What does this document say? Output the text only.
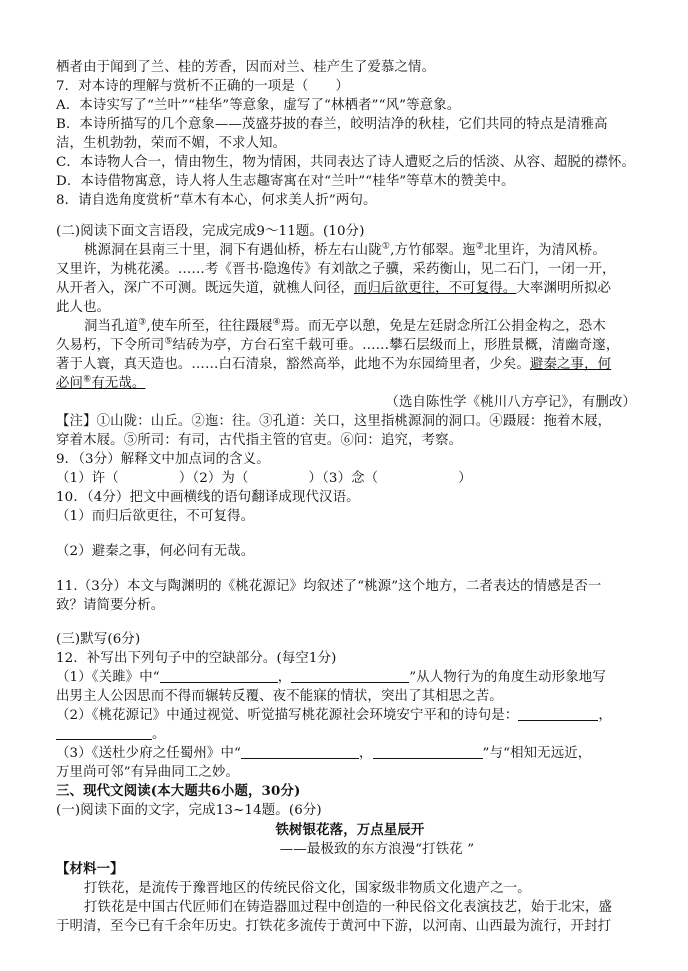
栖者由于闻到了兰、桂的芳香，因而对兰、桂产生了爱慕之情。
7．对本诗的理解与赏析不正确的一项是（　　）
A．本诗实写了“兰叶”“桂华”等意象，虚写了“林栖者”“风”等意象。
B．本诗所描写的几个意象——茂盛芬披的春兰，皎明洁净的秋桂，它们共同的特点是清雅高
洁，生机勃勃，荣而不媚，不求人知。
C．本诗物人合一，情由物生，物为情困，共同表达了诗人遭贬之后的恬淡、从容、超脱的襟怀。
D．本诗借物寓意，诗人将人生志趣寄寓在对“兰叶”“桂华”等草木的赞美中。
8．请自选角度赏析“草木有本心，何求美人折”两句。
(二)阅读下面文言语段，完成完成9～11题。(10分)
桃源洞在县南三十里，洞下有遇仙桥，桥左右山陇①,方竹郁翠。迤②北里许，为清风桥。
又里许，为桃花溪。……考《晋书·隐逸传》有刘歆之子骥，采药衡山，见二石门，一闭一开，
从开者入，深广不可测。既远失道，就樵人问径，而归后欲更往，不可复得。大率渊明所拟必
此人也。
洞当孔道③,使车所至，往往蹑屐④焉。而无亭以憩，免是左廷尉念所江公捐金构之，恐木
久易朽，下令所司⑤结砖为亭，方台石室千载可垂。……攀石层级而上，形胜景概，清幽奇邃，
著于人寰，真天造也。……白石清泉，豁然高举，此地不为东园绮里者，少矣。避秦之事，何
必问⑥有无哉。
（选自陈性学《桃川八方亭记》，有删改）
【注】①山陇：山丘。②迤：往。③孔道：关口，这里指桃源洞的洞口。④蹑屐：拖着木屐，
穿着木屐。⑤所司：有司，古代指主管的官吏。⑥问：追究，考察。
9．（3分）解释文中加点词的含义。
（1）许（	）（2）为（	）（3）念（	）
10．（4分）把文中画横线的语句翻译成现代汉语。
（1）而归后欲更往，不可复得。
（2）避秦之事，何必问有无哉。
11.（3分）本文与陶渊明的《桃花源记》均叙述了“桃源”这个地方，二者表达的情感是否一
致？请简要分析。
(三)默写(6分)
12．补写出下列句子中的空缺部分。(每空1分)
（1）《关雎》中“	，	”从人物行为的角度生动形象地写
出男主人公因思而不得而辗转反覆、夜不能寐的情状，突出了其相思之苦。
（2）《桃花源记》中通过视觉、听觉描写桃花源社会环境安宁平和的诗句是：	，
。
（3）《送杜少府之任蜀州》中“	，	”与“相知无远近，
万里尚可邻”有异曲同工之妙。
三、现代文阅读(本大题共6小题，30分)
(一)阅读下面的文字，完成13~14题。(6分)
铁树银花落，万点星辰开
——最极致的东方浪漫“打铁花 ”
【材料一】
打铁花，是流传于豫晋地区的传统民俗文化，国家级非物质文化遗产之一。
打铁花是中国古代匠师们在铸造器皿过程中创造的一种民俗文化表演技艺，始于北宋，盛
于明清，至今已有千余年历史。打铁花多流传于黄河中下游，以河南、山西最为流行，开封打
